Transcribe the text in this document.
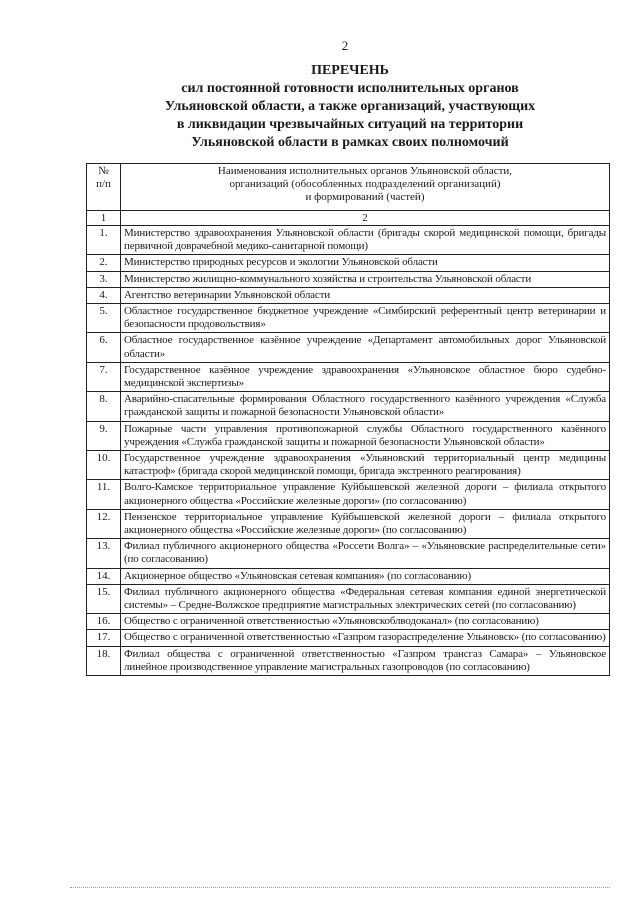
2
ПЕРЕЧЕНЬ
сил постоянной готовности исполнительных органов
Ульяновской области, а также организаций, участвующих
в ликвидации чрезвычайных ситуаций на территории
Ульяновской области в рамках своих полномочий
№
п/п	Наименования исполнительных органов Ульяновской области,
организаций (обособленных подразделений организаций)
и формирований (частей)
1	2
1.	Министерство здравоохранения Ульяновской области (бригады скорой медицинской помощи, бригады первичной доврачебной медико-санитарной помощи)
2.	Министерство природных ресурсов и экологии Ульяновской области
3.	Министерство жилищно-коммунального хозяйства и строительства Ульяновской области
4.	Агентство ветеринарии Ульяновской области
5.	Областное государственное бюджетное учреждение «Симбирский референтный центр ветеринарии и безопасности продовольствия»
6.	Областное государственное казённое учреждение «Департамент автомобильных дорог Ульяновской области»
7.	Государственное казённое учреждение здравоохранения «Ульяновское областное бюро судебно-медицинской экспертизы»
8.	Аварийно-спасательные формирования Областного государственного казённого учреждения «Служба гражданской защиты и пожарной безопасности Ульяновской области»
9.	Пожарные части управления противопожарной службы Областного государственного казённого учреждения «Служба гражданской защиты и пожарной безопасности Ульяновской области»
10.	Государственное учреждение здравоохранения «Ульяновский территориальный центр медицины катастроф» (бригада скорой медицинской помощи, бригада экстренного реагирования)
11.	Волго-Камское территориальное управление Куйбышевской железной дороги – филиала открытого акционерного общества «Российские железные дороги» (по согласованию)
12.	Пензенское территориальное управление Куйбышевской железной дороги – филиала открытого акционерного общества «Российские железные дороги» (по согласованию)
13.	Филиал публичного акционерного общества «Россети Волга» – «Ульяновские распределительные сети» (по согласованию)
14.	Акционерное общество «Ульяновская сетевая компания» (по согласованию)
15.	Филиал публичного акционерного общества «Федеральная сетевая компания единой энергетической системы» – Средне-Волжское предприятие магистральных электрических сетей (по согласованию)
16.	Общество с ограниченной ответственностью «Ульяновскоблводоканал» (по согласованию)
17.	Общество с ограниченной ответственностью «Газпром газораспределение Ульяновск» (по согласованию)
18.	Филиал общества с ограниченной ответственностью «Газпром трансгаз Самара» – Ульяновское линейное производственное управление магистральных газопроводов (по согласованию)
